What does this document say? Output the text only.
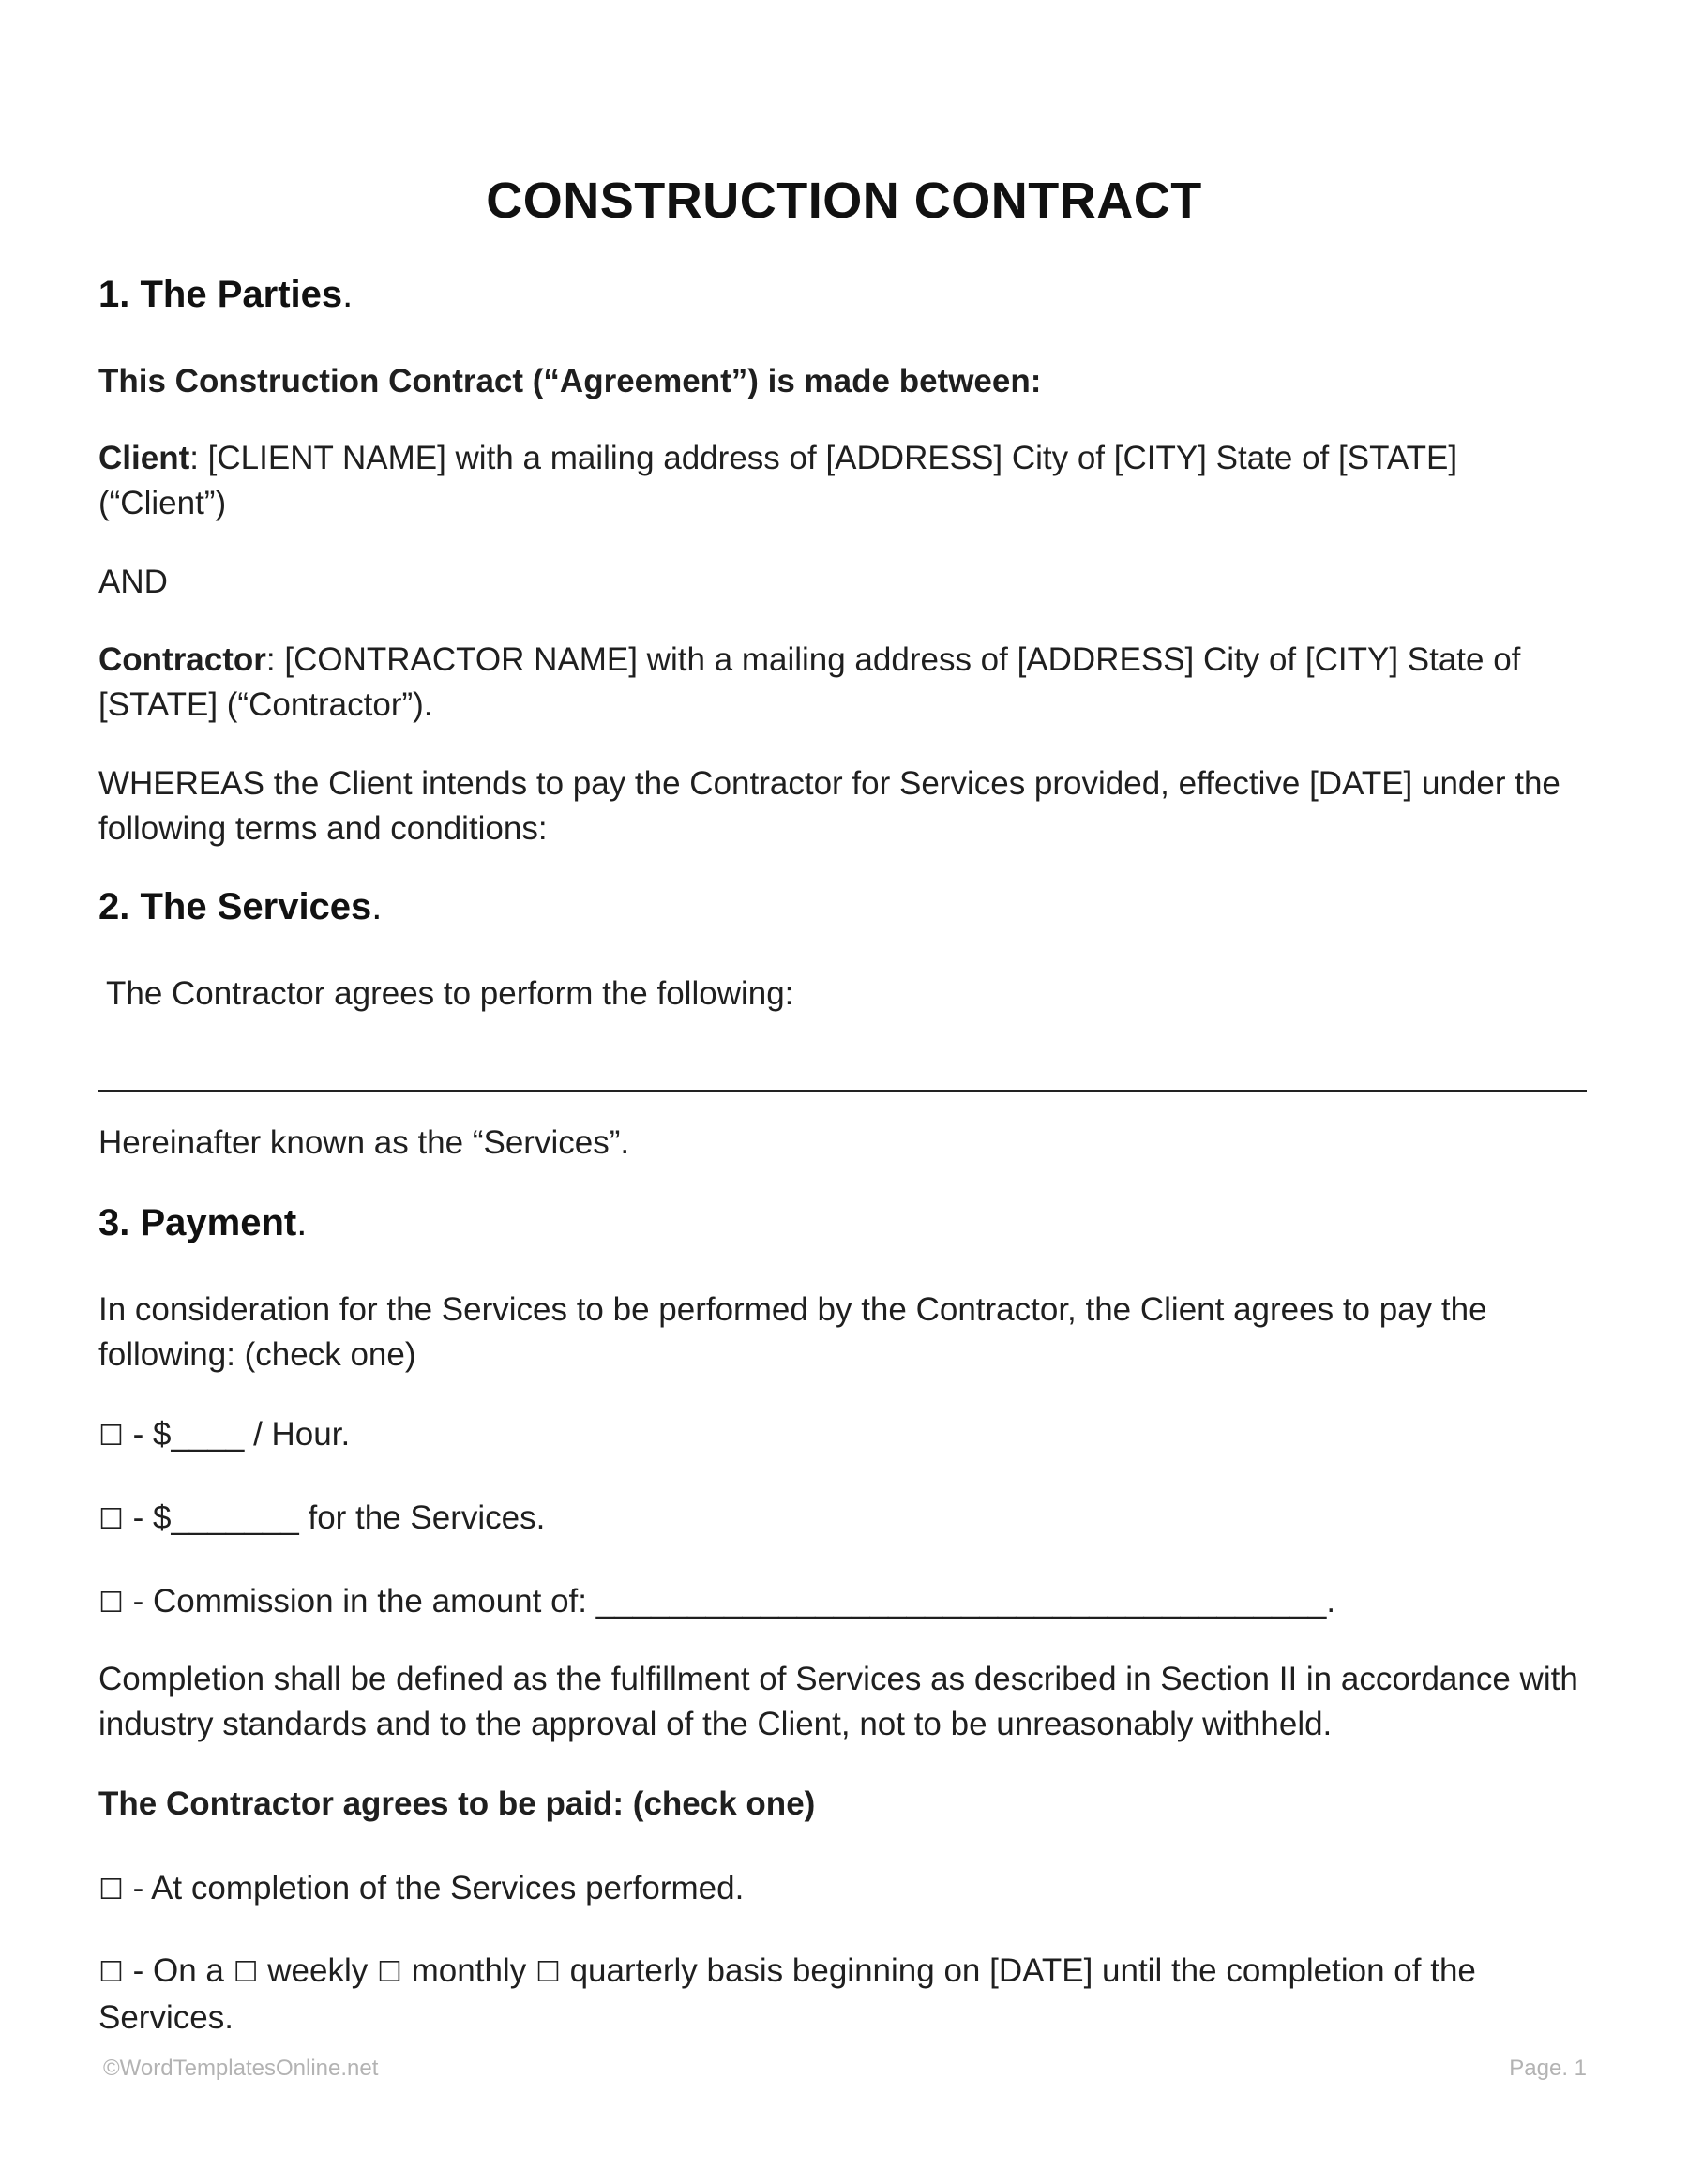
CONSTRUCTION CONTRACT
1. The Parties.

This Construction Contract (“Agreement”) is made between:

Client: [CLIENT NAME] with a mailing address of [ADDRESS] City of [CITY] State of [STATE] (“Client”)

AND

Contractor: [CONTRACTOR NAME] with a mailing address of [ADDRESS] City of [CITY] State of [STATE] (“Contractor”).

WHEREAS the Client intends to pay the Contractor for Services provided, effective [DATE] under the following terms and conditions:

2. The Services.

The Contractor agrees to perform the following:

Hereinafter known as the “Services”.

3. Payment.

In consideration for the Services to be performed by the Contractor, the Client agrees to pay the following: (check one)

☐ - $____ / Hour.

☐ - $_______ for the Services.

☐ - Commission in the amount of: ________________________________________.

Completion shall be defined as the fulfillment of Services as described in Section II in accordance with industry standards and to the approval of the Client, not to be unreasonably withheld.

The Contractor agrees to be paid: (check one)

☐ - At completion of the Services performed.

☐ - On a ☐ weekly ☐ monthly ☐ quarterly basis beginning on [DATE] until the completion of the Services.

©WordTemplatesOnline.net	Page. 1
